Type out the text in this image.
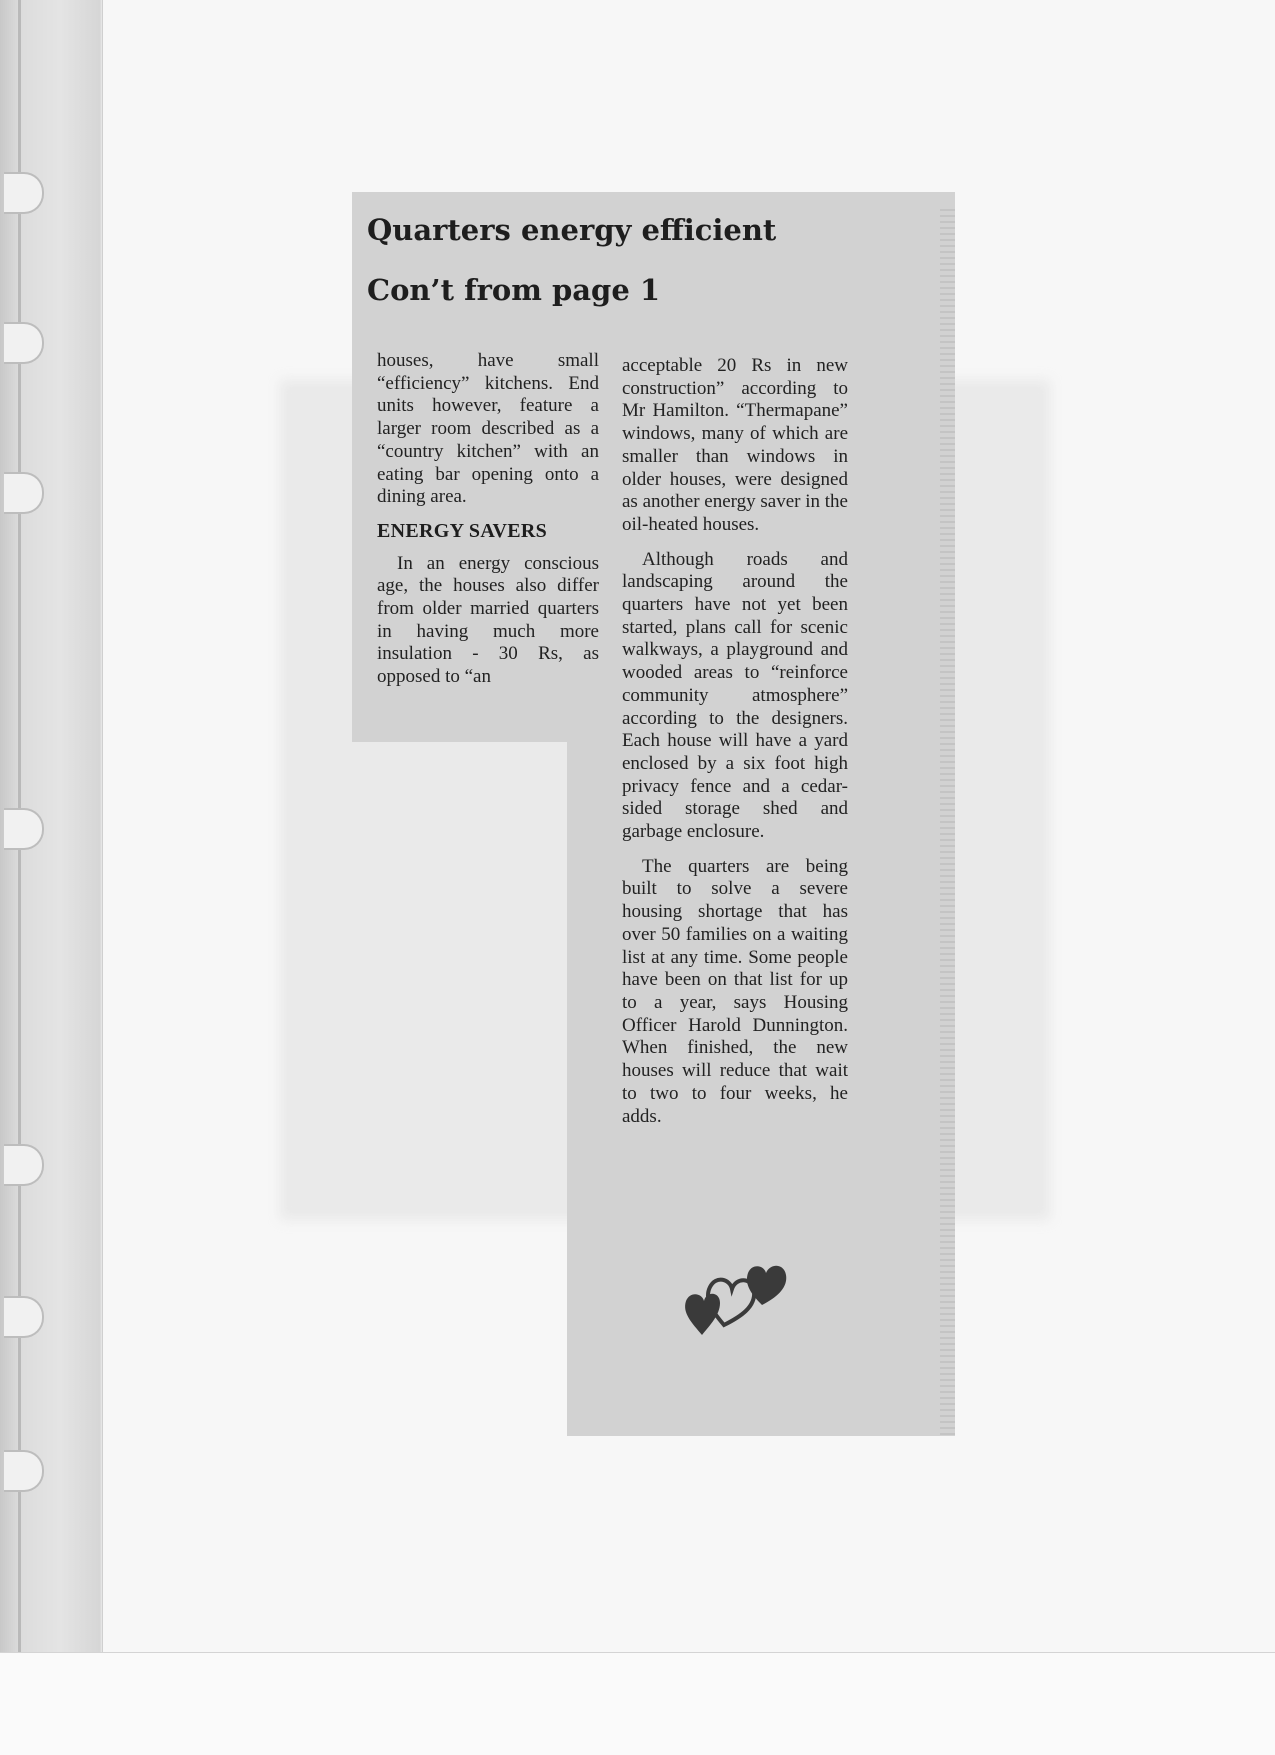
Quarters energy efficient
Con’t from page 1

houses, have small “efficiency” kitchens. End units however, feature a larger room described as a “country kitchen” with an eating bar opening onto a dining area.

ENERGY SAVERS

In an energy conscious age, the houses also differ from older married quarters in having much more insulation - 30 Rs, as opposed to “an

acceptable 20 Rs in new construction” according to Mr Hamilton. “Thermapane” windows, many of which are smaller than windows in older houses, were designed as another energy saver in the oil-heated houses.

Although roads and landscaping around the quarters have not yet been started, plans call for scenic walkways, a playground and wooded areas to “reinforce community atmosphere” according to the designers. Each house will have a yard enclosed by a six foot high privacy fence and a cedar-sided storage shed and garbage enclosure.

The quarters are being built to solve a severe housing shortage that has over 50 families on a waiting list at any time. Some people have been on that list for up to a year, says Housing Officer Harold Dunnington. When finished, the new houses will reduce that wait to two to four weeks, he adds.
